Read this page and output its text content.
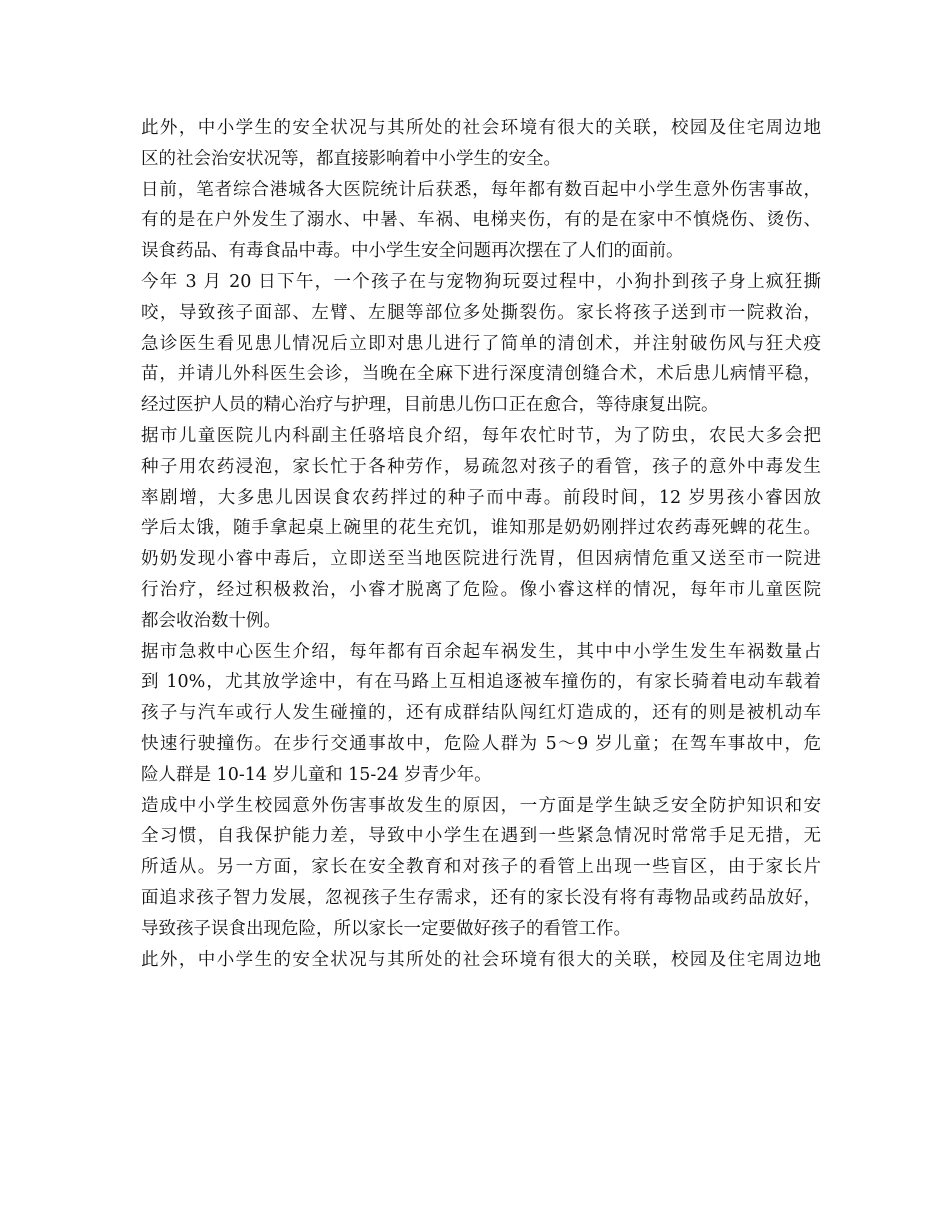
此外，中小学生的安全状况与其所处的社会环境有很大的关联，校园及住宅周边地
区的社会治安状况等，都直接影响着中小学生的安全。
日前，笔者综合港城各大医院统计后获悉，每年都有数百起中小学生意外伤害事故，
有的是在户外发生了溺水、中暑、车祸、电梯夹伤，有的是在家中不慎烧伤、烫伤、
误食药品、有毒食品中毒。中小学生安全问题再次摆在了人们的面前。
今年 3 月 20 日下午，一个孩子在与宠物狗玩耍过程中，小狗扑到孩子身上疯狂撕
咬，导致孩子面部、左臂、左腿等部位多处撕裂伤。家长将孩子送到市一院救治，
急诊医生看见患儿情况后立即对患儿进行了简单的清创术，并注射破伤风与狂犬疫
苗，并请儿外科医生会诊，当晚在全麻下进行深度清创缝合术，术后患儿病情平稳，
经过医护人员的精心治疗与护理，目前患儿伤口正在愈合，等待康复出院。
据市儿童医院儿内科副主任骆培良介绍，每年农忙时节，为了防虫，农民大多会把
种子用农药浸泡，家长忙于各种劳作，易疏忽对孩子的看管，孩子的意外中毒发生
率剧增，大多患儿因误食农药拌过的种子而中毒。前段时间，12 岁男孩小睿因放
学后太饿，随手拿起桌上碗里的花生充饥，谁知那是奶奶刚拌过农药毒死蜱的花生。
奶奶发现小睿中毒后，立即送至当地医院进行洗胃，但因病情危重又送至市一院进
行治疗，经过积极救治，小睿才脱离了危险。像小睿这样的情况，每年市儿童医院
都会收治数十例。
据市急救中心医生介绍，每年都有百余起车祸发生，其中中小学生发生车祸数量占
到 10%，尤其放学途中，有在马路上互相追逐被车撞伤的，有家长骑着电动车载着
孩子与汽车或行人发生碰撞的，还有成群结队闯红灯造成的，还有的则是被机动车
快速行驶撞伤。在步行交通事故中，危险人群为 5～9 岁儿童；在驾车事故中，危
险人群是 10-14 岁儿童和 15-24 岁青少年。
造成中小学生校园意外伤害事故发生的原因，一方面是学生缺乏安全防护知识和安
全习惯，自我保护能力差，导致中小学生在遇到一些紧急情况时常常手足无措，无
所适从。另一方面，家长在安全教育和对孩子的看管上出现一些盲区，由于家长片
面追求孩子智力发展，忽视孩子生存需求，还有的家长没有将有毒物品或药品放好，
导致孩子误食出现危险，所以家长一定要做好孩子的看管工作。
此外，中小学生的安全状况与其所处的社会环境有很大的关联，校园及住宅周边地
